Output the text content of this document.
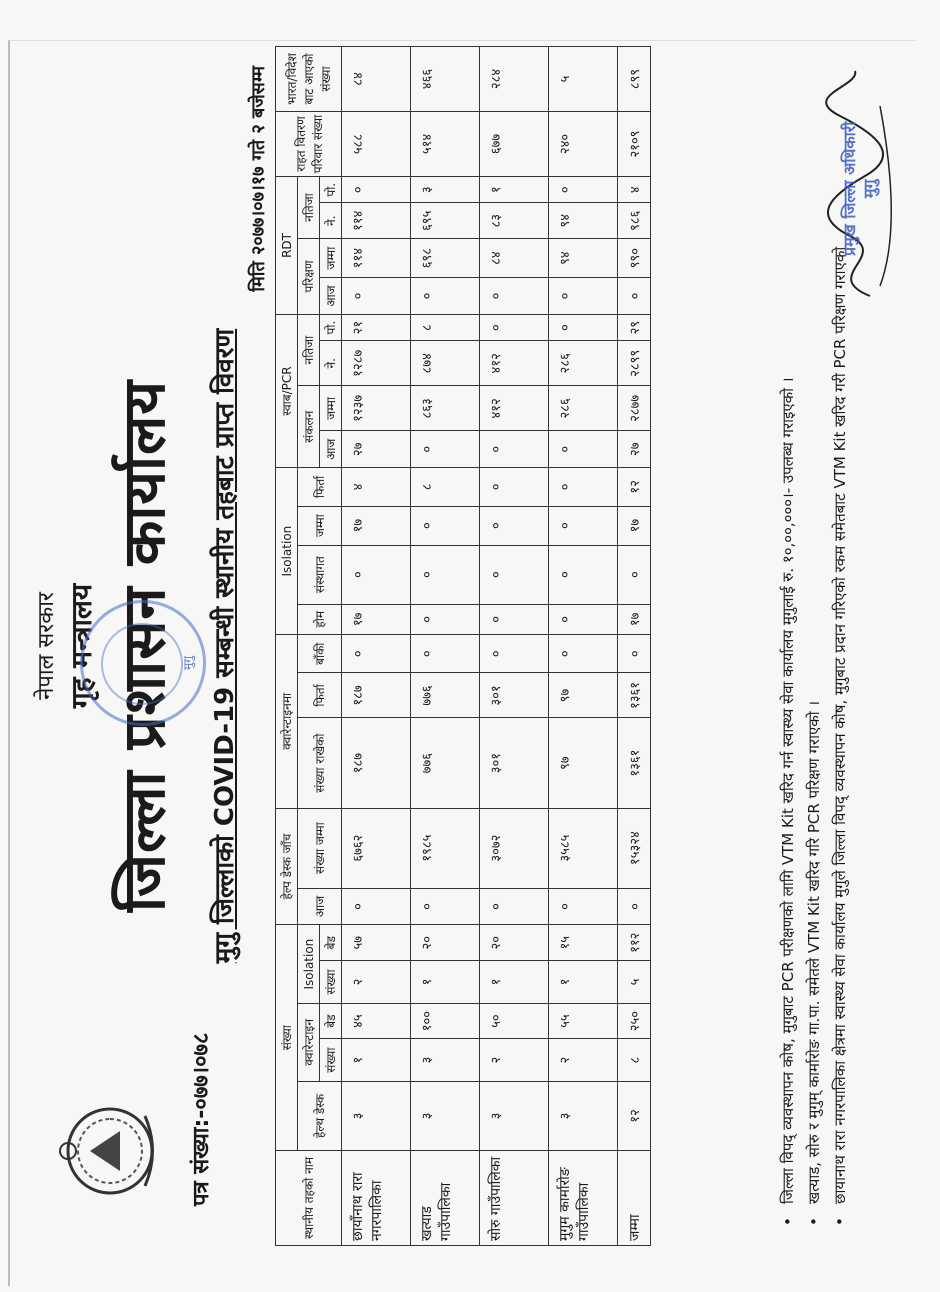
पत्र संख्या:-०७७।०७८
नेपाल सरकार गृह मन्त्रालय जिल्ला प्रशासन कार्यालय मुगु मुगु जिल्लाको COVID-19 सम्बन्धी स्थानीय तहबाट प्राप्त विवरण
मिति २०७७।०७।१७ गते २ बजेसम्म
स्थानीय तहको नाम	संख्या					हेल्प डेस्क जाँच		क्वारेन्टाइनमा			Isolation				स्वाब/PCR				RDT				राहत वितरण परिवार संख्या	भारत/विदेश बाट आएको संख्या
	हेल्थ डेस्क	क्वारेन्टाइन		Isolation		आज	संख्या जम्मा	संख्या राखेको	फिर्ता	बाँकी	होम	संस्थागत	जम्मा	फिर्ता	संकलन		नतिजा		परिक्षण		नतिजा			
		संख्या	बेड	संख्या	बेड										आज	जम्मा	ने.	पो.	आज	जम्मा	ने.	पो.		

छायाँनाथ रारा नगरपालिका	३	१	४५	२	५७	०	६७६२	१८७	१८७	०	१७	०	१७	४	२७	१२३७	१२८७	२१	०	११४	११४	०	५८८	८४
खत्याड गाउँपालिका	३	३	१००	१	२०	०	१९८५	७७६	७७६	०	०	०	०	८	०	८६३	८७४	८	०	६९८	६९५	३	५१४	४६६
सोरु गाउँपालिका	३	२	५०	१	२०	०	३०७२	३०१	३०१	०	०	०	०	०	०	४१२	४१२	०	०	८४	८३	१	६७७	२८४
मुगुम कार्मारोङ गाउँपालिका	३	२	५५	१	१५	०	३५८५	९७	९७	०	०	०	०	०	०	२८६	२८६	०	०	९४	९४	०	२४०	५
जम्मा	१२	८	२५०	५	११२	०	१५३२४	१३६१	१३६१	०	१७	०	१७	१२	२७	२८७७	२८९९	२९	०	९९०	९८६	४	२१०९	८९९
• जिल्ला विपद् व्यवस्थापन कोष, मुगुबाट PCR परीक्षणको लागि VTM Kit खरिद गर्न स्वास्थ्य सेवा कार्यालय मुगुलाई रु. १०,००,०००।- उपलब्ध गराइएको । • खत्याड, सोरु र मुगुम् कार्मारोङ गा.पा. समेतले VTM Kit खरिद गरि PCR परिक्षण गराएको । • छायानाथ रारा नगरपालिका क्षेत्रमा स्वास्थ्य सेवा कार्यालय मुगुले जिल्ला विपद् व्यवस्थापन कोष, मुगुबाट प्रदान गरिएको रकम समेतबाट VTM Kit खरिद गरी PCR परिक्षण गराएको
प्रमुख जिल्ला अधिकारी मुगु
